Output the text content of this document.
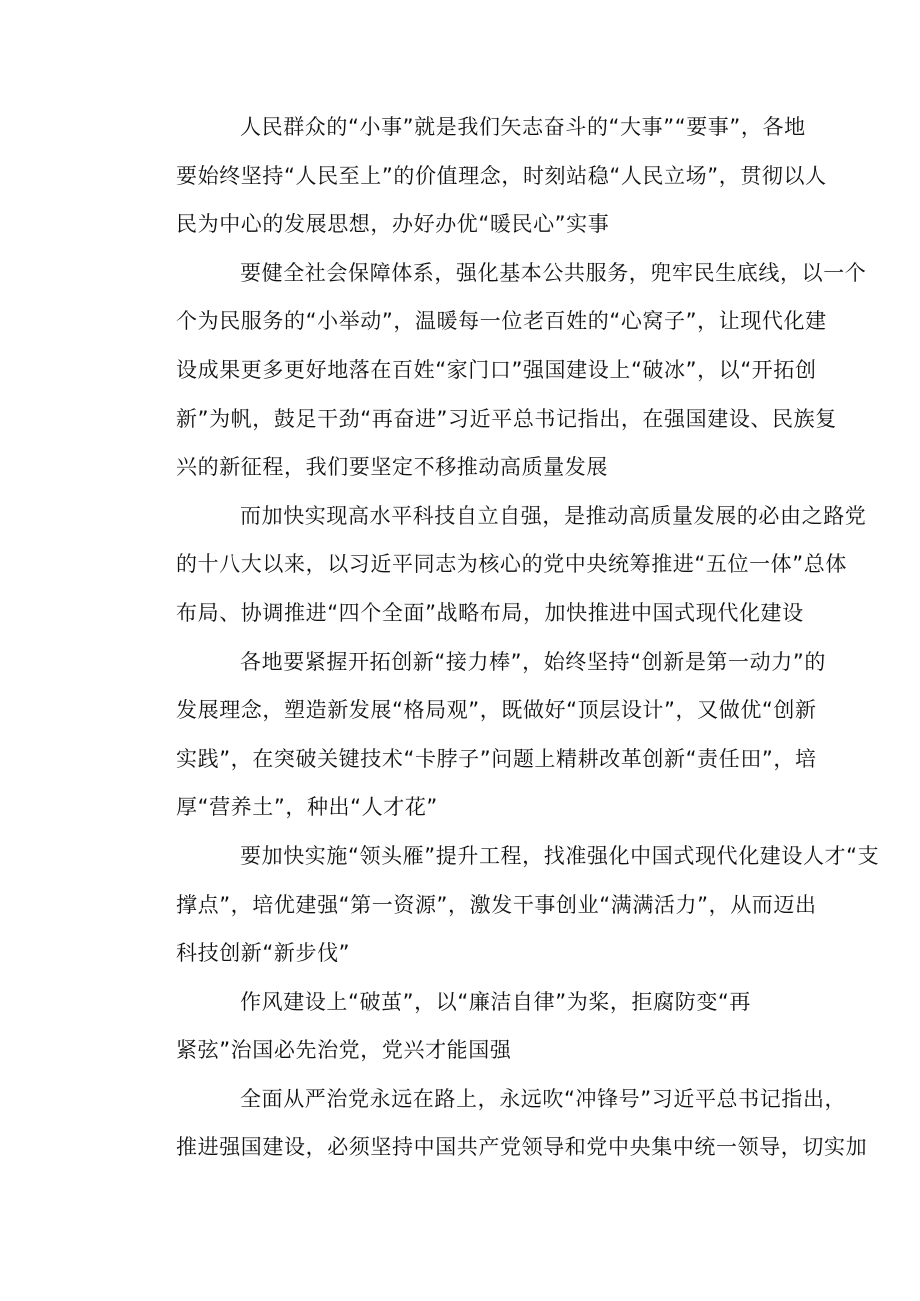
人民群众的“小事”就是我们矢志奋斗的“大事”“要事”，各地
要始终坚持“人民至上”的价值理念，时刻站稳“人民立场”，贯彻以人
民为中心的发展思想，办好办优“暖民心”实事

要健全社会保障体系，强化基本公共服务，兜牢民生底线，以一个
个为民服务的“小举动”，温暖每一位老百姓的“心窝子”，让现代化建
设成果更多更好地落在百姓“家门口”强国建设上“破冰”，以“开拓创
新”为帆，鼓足干劲“再奋进”习近平总书记指出，在强国建设、民族复
兴的新征程，我们要坚定不移推动高质量发展

而加快实现高水平科技自立自强，是推动高质量发展的必由之路党
的十八大以来，以习近平同志为核心的党中央统筹推进“五位一体”总体
布局、协调推进“四个全面”战略布局，加快推进中国式现代化建设

各地要紧握开拓创新“接力棒”，始终坚持“创新是第一动力”的
发展理念，塑造新发展“格局观”，既做好“顶层设计”，又做优“创新
实践”，在突破关键技术“卡脖子”问题上精耕改革创新“责任田”，培
厚“营养土”，种出“人才花”

要加快实施“领头雁”提升工程，找准强化中国式现代化建设人才“支
撑点”，培优建强“第一资源”，激发干事创业“满满活力”，从而迈出
科技创新“新步伐”

作风建设上“破茧”，以“廉洁自律”为桨，拒腐防变“再
紧弦”治国必先治党，党兴才能国强

全面从严治党永远在路上，永远吹“冲锋号”习近平总书记指出，
推进强国建设，必须坚持中国共产党领导和党中央集中统一领导，切实加
